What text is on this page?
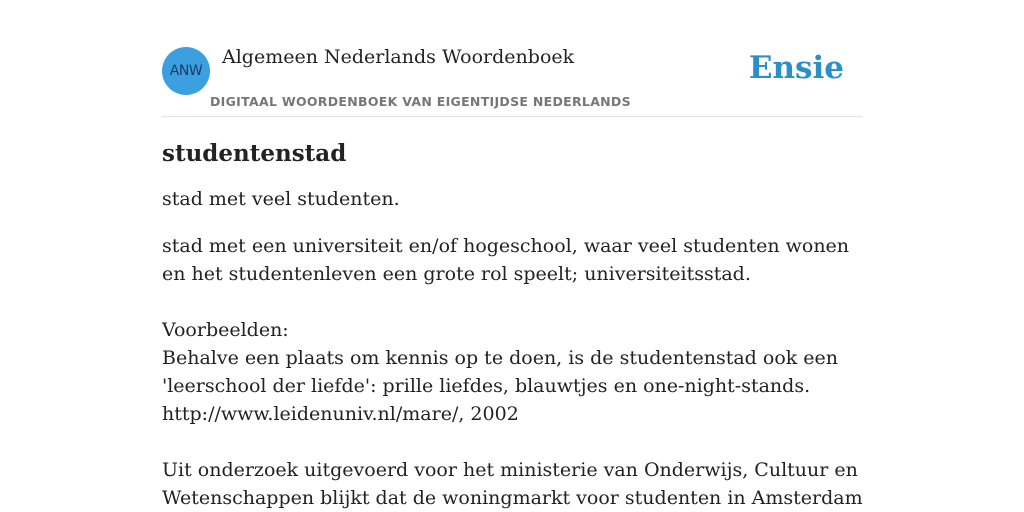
ANW
Algemeen Nederlands Woordenboek
DIGITAAL WOORDENBOEK VAN EIGENTIJDSE NEDERLANDS
Ensie
studentenstad

stad met veel studenten.

stad met een universiteit en/of hogeschool, waar veel studenten wonen en het studentenleven een grote rol speelt; universiteitsstad.

Voorbeelden:

Behalve een plaats om kennis op te doen, is de studentenstad ook een 'leerschool der liefde': prille liefdes, blauwtjes en one-night-stands.

http://www.leidenuniv.nl/mare/, 2002

Uit onderzoek uitgevoerd voor het ministerie van Onderwijs, Cultuur en Wetenschappen blijkt dat de woningmarkt voor studenten in Amsterdam
